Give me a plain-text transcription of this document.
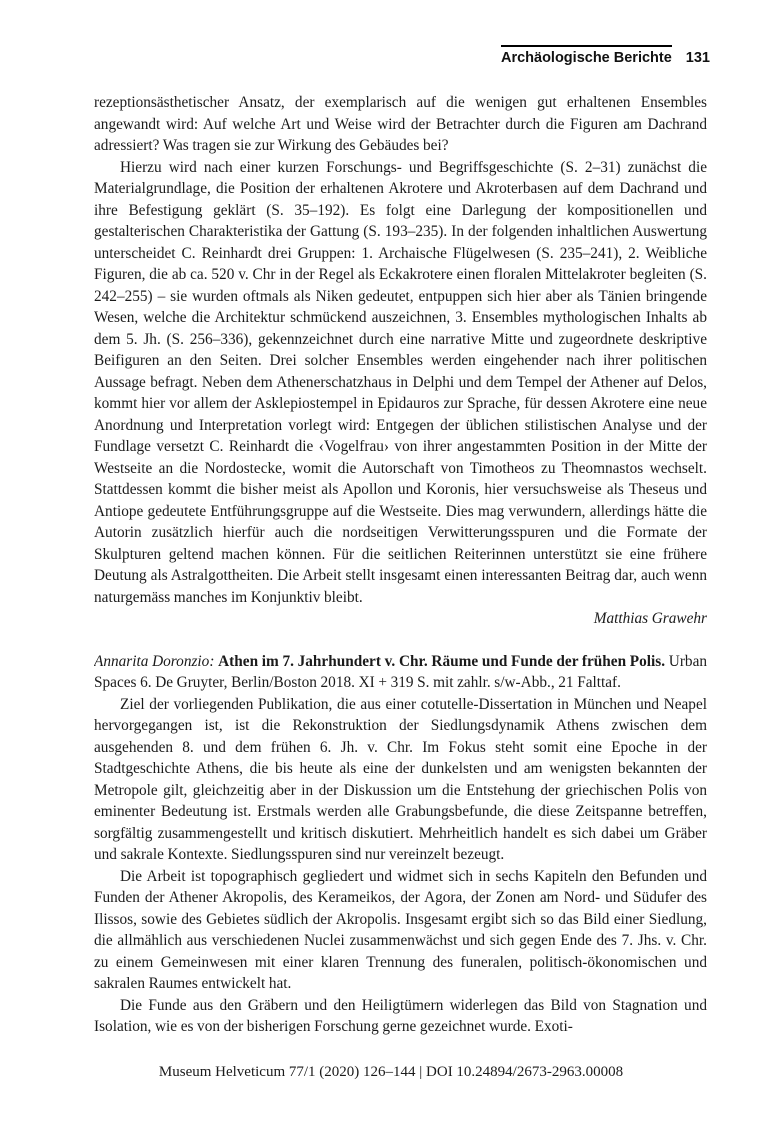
Archäologische Berichte 131

rezeptionsästhetischer Ansatz, der exemplarisch auf die wenigen gut erhaltenen Ensembles angewandt wird: Auf welche Art und Weise wird der Betrachter durch die Figuren am Dachrand adressiert? Was tragen sie zur Wirkung des Gebäudes bei?

Hierzu wird nach einer kurzen Forschungs- und Begriffsgeschichte (S. 2–31) zunächst die Materialgrundlage, die Position der erhaltenen Akrotere und Akroterbasen auf dem Dachrand und ihre Befestigung geklärt (S. 35–192). Es folgt eine Darlegung der kompositionellen und gestalterischen Charakteristika der Gattung (S. 193–235). In der folgenden inhaltlichen Auswertung unterscheidet C. Reinhardt drei Gruppen: 1. Archaische Flügelwesen (S. 235–241), 2. Weibliche Figuren, die ab ca. 520 v. Chr in der Regel als Eckakrotere einen floralen Mittelakroter begleiten (S. 242–255) – sie wurden oftmals als Niken gedeutet, entpuppen sich hier aber als Tänien bringende Wesen, welche die Architektur schmückend auszeichnen, 3. Ensembles mythologischen Inhalts ab dem 5. Jh. (S. 256–336), gekennzeichnet durch eine narrative Mitte und zugeordnete deskriptive Beifiguren an den Seiten. Drei solcher Ensembles werden eingehender nach ihrer politischen Aussage befragt. Neben dem Athenerschatzhaus in Delphi und dem Tempel der Athener auf Delos, kommt hier vor allem der Asklepiostempel in Epidauros zur Sprache, für dessen Akrotere eine neue Anordnung und Interpretation vorlegt wird: Entgegen der üblichen stilistischen Analyse und der Fundlage versetzt C. Reinhardt die ‹Vogelfrau› von ihrer angestammten Position in der Mitte der Westseite an die Nordostecke, womit die Autorschaft von Timotheos zu Theomnastos wechselt. Stattdessen kommt die bisher meist als Apollon und Koronis, hier versuchsweise als Theseus und Antiope gedeutete Entführungsgruppe auf die Westseite. Dies mag verwundern, allerdings hätte die Autorin zusätzlich hierfür auch die nordseitigen Verwitterungsspuren und die Formate der Skulpturen geltend machen können. Für die seitlichen Reiterinnen unterstützt sie eine frühere Deutung als Astralgottheiten. Die Arbeit stellt insgesamt einen interessanten Beitrag dar, auch wenn naturgemäss manches im Konjunktiv bleibt.

Matthias Grawehr

Annarita Doronzio: Athen im 7. Jahrhundert v. Chr. Räume und Funde der frühen Polis. Urban Spaces 6. De Gruyter, Berlin/Boston 2018. XI + 319 S. mit zahlr. s/w-Abb., 21 Falttaf.

Ziel der vorliegenden Publikation, die aus einer cotutelle-Dissertation in München und Neapel hervorgegangen ist, ist die Rekonstruktion der Siedlungsdynamik Athens zwischen dem ausgehenden 8. und dem frühen 6. Jh. v. Chr. Im Fokus steht somit eine Epoche in der Stadtgeschichte Athens, die bis heute als eine der dunkelsten und am wenigsten bekannten der Metropole gilt, gleichzeitig aber in der Diskussion um die Entstehung der griechischen Polis von eminenter Bedeutung ist. Erstmals werden alle Grabungsbefunde, die diese Zeitspanne betreffen, sorgfältig zusammengestellt und kritisch diskutiert. Mehrheitlich handelt es sich dabei um Gräber und sakrale Kontexte. Siedlungsspuren sind nur vereinzelt bezeugt.

Die Arbeit ist topographisch gegliedert und widmet sich in sechs Kapiteln den Befunden und Funden der Athener Akropolis, des Kerameikos, der Agora, der Zonen am Nord- und Südufer des Ilissos, sowie des Gebietes südlich der Akropolis. Insgesamt ergibt sich so das Bild einer Siedlung, die allmählich aus verschiedenen Nuclei zusammenwächst und sich gegen Ende des 7. Jhs. v. Chr. zu einem Gemeinwesen mit einer klaren Trennung des funeralen, politisch-ökonomischen und sakralen Raumes entwickelt hat.

Die Funde aus den Gräbern und den Heiligtümern widerlegen das Bild von Stagnation und Isolation, wie es von der bisherigen Forschung gerne gezeichnet wurde. Exoti-

Museum Helveticum 77/1 (2020) 126–144 | DOI 10.24894/2673-2963.00008
